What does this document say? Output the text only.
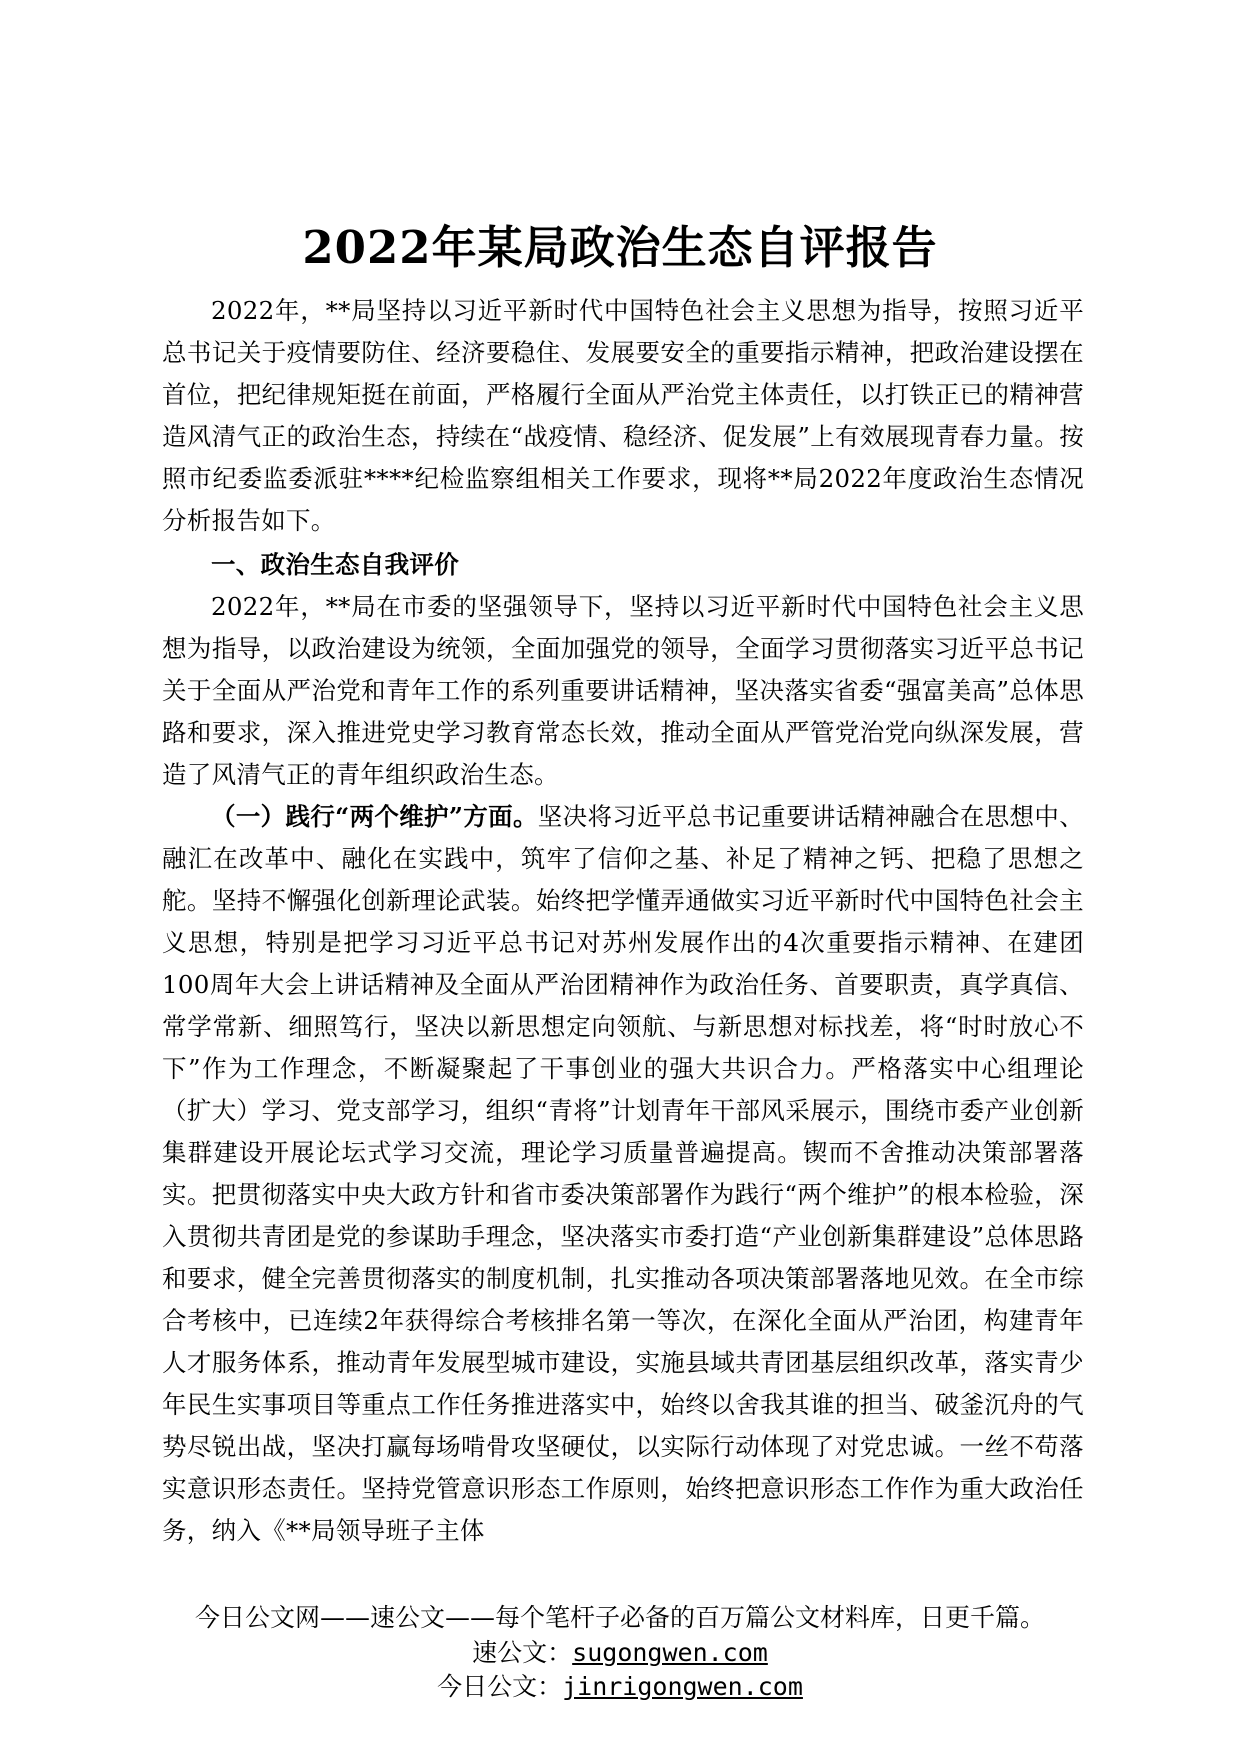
2022年某局政治生态自评报告

2022年，**局坚持以习近平新时代中国特色社会主义思想为指导，按照习近平总书记关于疫情要防住、经济要稳住、发展要安全的重要指示精神，把政治建设摆在首位，把纪律规矩挺在前面，严格履行全面从严治党主体责任，以打铁正已的精神营造风清气正的政治生态，持续在“战疫情、稳经济、促发展”上有效展现青春力量。按照市纪委监委派驻****纪检监察组相关工作要求，现将**局2022年度政治生态情况分析报告如下。

一、政治生态自我评价

2022年，**局在市委的坚强领导下，坚持以习近平新时代中国特色社会主义思想为指导，以政治建设为统领，全面加强党的领导，全面学习贯彻落实习近平总书记关于全面从严治党和青年工作的系列重要讲话精神，坚决落实省委“强富美高”总体思路和要求，深入推进党史学习教育常态长效，推动全面从严管党治党向纵深发展，营造了风清气正的青年组织政治生态。

（一）践行“两个维护”方面。坚决将习近平总书记重要讲话精神融合在思想中、融汇在改革中、融化在实践中，筑牢了信仰之基、补足了精神之钙、把稳了思想之舵。坚持不懈强化创新理论武装。始终把学懂弄通做实习近平新时代中国特色社会主义思想，特别是把学习习近平总书记对苏州发展作出的4次重要指示精神、在建团100周年大会上讲话精神及全面从严治团精神作为政治任务、首要职责，真学真信、常学常新、细照笃行，坚决以新思想定向领航、与新思想对标找差，将“时时放心不下”作为工作理念，不断凝聚起了干事创业的强大共识合力。严格落实中心组理论（扩大）学习、党支部学习，组织“青将”计划青年干部风采展示，围绕市委产业创新集群建设开展论坛式学习交流，理论学习质量普遍提高。锲而不舍推动决策部署落实。把贯彻落实中央大政方针和省市委决策部署作为践行“两个维护”的根本检验，深入贯彻共青团是党的参谋助手理念，坚决落实市委打造“产业创新集群建设”总体思路和要求，健全完善贯彻落实的制度机制，扎实推动各项决策部署落地见效。在全市综合考核中，已连续2年获得综合考核排名第一等次，在深化全面从严治团，构建青年人才服务体系，推动青年发展型城市建设，实施县域共青团基层组织改革，落实青少年民生实事项目等重点工作任务推进落实中，始终以舍我其谁的担当、破釜沉舟的气势尽锐出战，坚决打赢每场啃骨攻坚硬仗，以实际行动体现了对党忠诚。一丝不苟落实意识形态责任。坚持党管意识形态工作原则，始终把意识形态工作作为重大政治任务，纳入《**局领导班子主体

今日公文网——速公文——每个笔杆子必备的百万篇公文材料库，日更千篇。
速公文：sugongwen.com
今日公文：jinrigongwen.com
